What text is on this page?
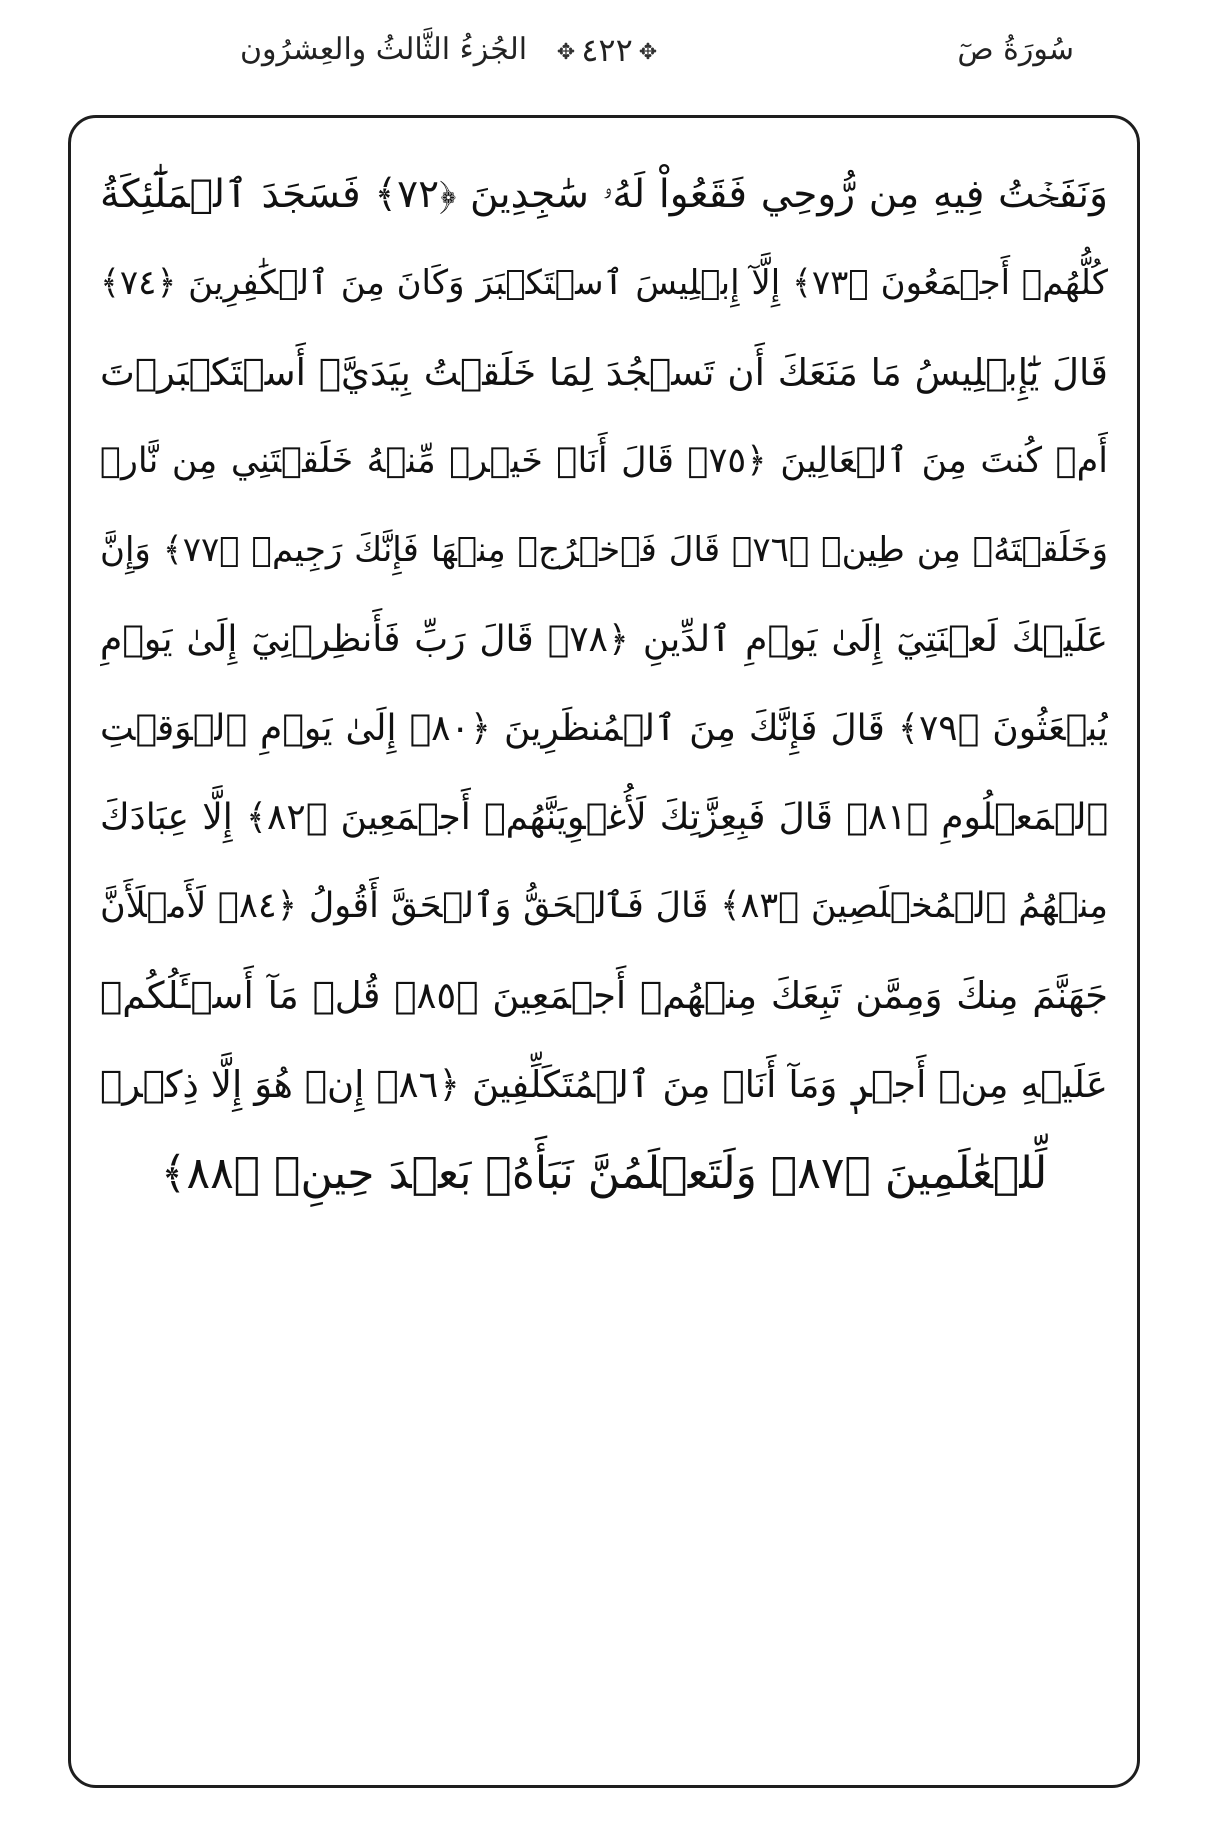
سُورَةُ صٓ
✥ ٤٢٢ ✥
الجُزءُ الثَّالثُ والعِشرُون
وَنَفَخۡتُ فِيهِ مِن رُّوحِي فَقَعُواْ لَهُۥ سَٰجِدِينَ ﴿٧٢﴾ فَسَجَدَ ٱلۡمَلَٰٓئِكَةُ
كُلُّهُمۡ أَجۡمَعُونَ ﴿٧٣﴾ إِلَّآ إِبۡلِيسَ ٱسۡتَكۡبَرَ وَكَانَ مِنَ ٱلۡكَٰفِرِينَ ﴿٧٤﴾
قَالَ يَٰٓإِبۡلِيسُ مَا مَنَعَكَ أَن تَسۡجُدَ لِمَا خَلَقۡتُ بِيَدَيَّۖ أَسۡتَكۡبَرۡتَ
أَمۡ كُنتَ مِنَ ٱلۡعَالِينَ ﴿٧٥﴾ قَالَ أَنَا۠ خَيۡرٞ مِّنۡهُ خَلَقۡتَنِي مِن نَّارٖ
وَخَلَقۡتَهُۥ مِن طِينٖ ﴿٧٦﴾ قَالَ فَٱخۡرُجۡ مِنۡهَا فَإِنَّكَ رَجِيمٞ ﴿٧٧﴾ وَإِنَّ
عَلَيۡكَ لَعۡنَتِيٓ إِلَىٰ يَوۡمِ ٱلدِّينِ ﴿٧٨﴾ قَالَ رَبِّ فَأَنظِرۡنِيٓ إِلَىٰ يَوۡمِ
يُبۡعَثُونَ ﴿٧٩﴾ قَالَ فَإِنَّكَ مِنَ ٱلۡمُنظَرِينَ ﴿٨٠﴾ إِلَىٰ يَوۡمِ ٱلۡوَقۡتِ
ٱلۡمَعۡلُومِ ﴿٨١﴾ قَالَ فَبِعِزَّتِكَ لَأُغۡوِيَنَّهُمۡ أَجۡمَعِينَ ﴿٨٢﴾ إِلَّا عِبَادَكَ
مِنۡهُمُ ٱلۡمُخۡلَصِينَ ﴿٨٣﴾ قَالَ فَٱلۡحَقُّ وَٱلۡحَقَّ أَقُولُ ﴿٨٤﴾ لَأَمۡلَأَنَّ
جَهَنَّمَ مِنكَ وَمِمَّن تَبِعَكَ مِنۡهُمۡ أَجۡمَعِينَ ﴿٨٥﴾ قُلۡ مَآ أَسۡـَٔلُكُمۡ
عَلَيۡهِ مِنۡ أَجۡرٖ وَمَآ أَنَا۠ مِنَ ٱلۡمُتَكَلِّفِينَ ﴿٨٦﴾ إِنۡ هُوَ إِلَّا ذِكۡرٞ
لِّلۡعَٰلَمِينَ ﴿٨٧﴾ وَلَتَعۡلَمُنَّ نَبَأَهُۥ بَعۡدَ حِينِۭ ﴿٨٨﴾
